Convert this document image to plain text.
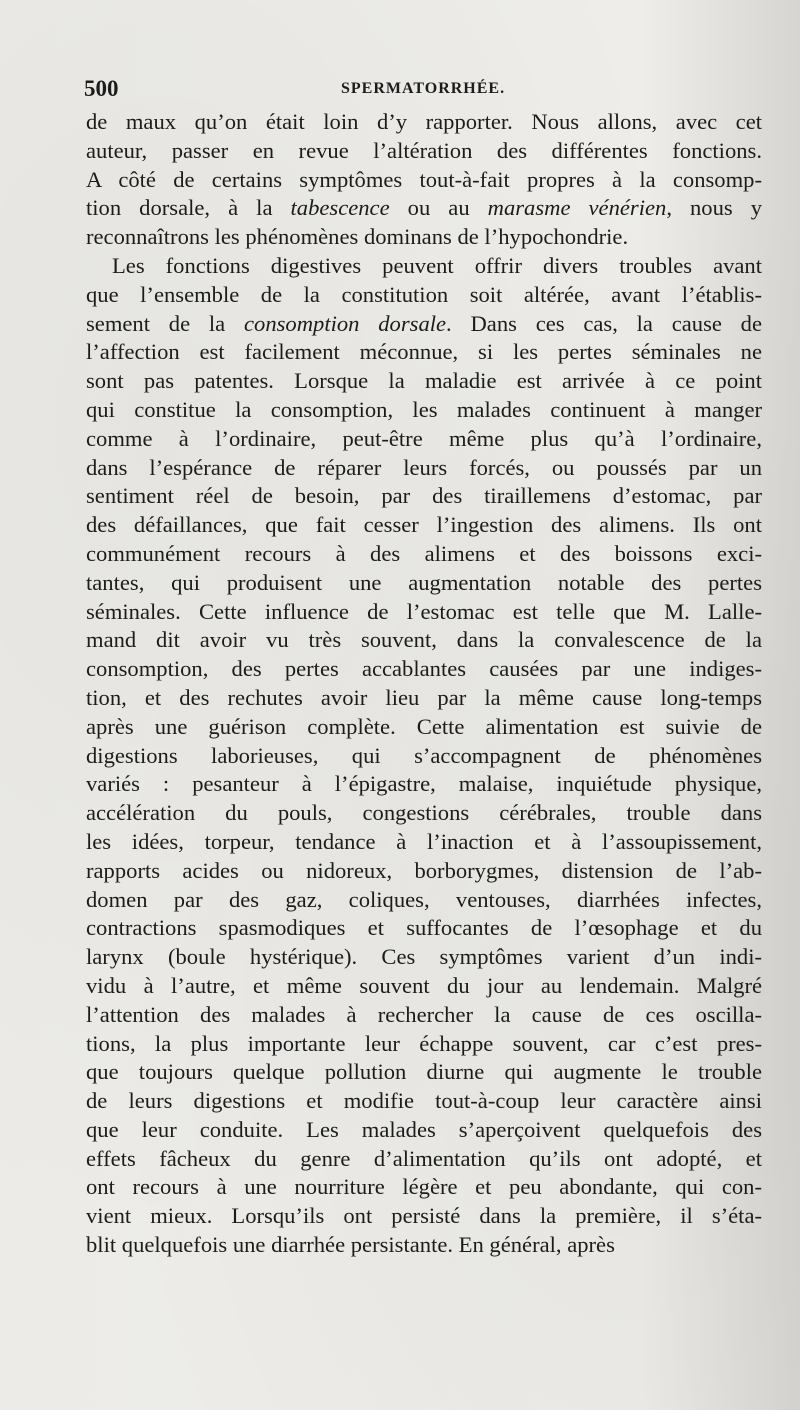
500	SPERMATORRHÉE.
de maux qu’on était loin d’y rapporter. Nous allons, avec cet
auteur, passer en revue l’altération des différentes fonctions.
A côté de certains symptômes tout-à-fait propres à la consomp-
tion dorsale, à la tabescence ou au marasme vénérien, nous y
reconnaîtrons les phénomènes dominans de l’hypochondrie.
Les fonctions digestives peuvent offrir divers troubles avant
que l’ensemble de la constitution soit altérée, avant l’établis-
sement de la consomption dorsale. Dans ces cas, la cause de
l’affection est facilement méconnue, si les pertes séminales ne
sont pas patentes. Lorsque la maladie est arrivée à ce point
qui constitue la consomption, les malades continuent à manger
comme à l’ordinaire, peut-être même plus qu’à l’ordinaire,
dans l’espérance de réparer leurs forcés, ou poussés par un
sentiment réel de besoin, par des tiraillemens d’estomac, par
des défaillances, que fait cesser l’ingestion des alimens. Ils ont
communément recours à des alimens et des boissons exci-
tantes, qui produisent une augmentation notable des pertes
séminales. Cette influence de l’estomac est telle que M. Lalle-
mand dit avoir vu très souvent, dans la convalescence de la
consomption, des pertes accablantes causées par une indiges-
tion, et des rechutes avoir lieu par la même cause long-temps
après une guérison complète. Cette alimentation est suivie de
digestions laborieuses, qui s’accompagnent de phénomènes
variés : pesanteur à l’épigastre, malaise, inquiétude physique,
accélération du pouls, congestions cérébrales, trouble dans
les idées, torpeur, tendance à l’inaction et à l’assoupissement,
rapports acides ou nidoreux, borborygmes, distension de l’ab-
domen par des gaz, coliques, ventouses, diarrhées infectes,
contractions spasmodiques et suffocantes de l’œsophage et du
larynx (boule hystérique). Ces symptômes varient d’un indi-
vidu à l’autre, et même souvent du jour au lendemain. Malgré
l’attention des malades à rechercher la cause de ces oscilla-
tions, la plus importante leur échappe souvent, car c’est pres-
que toujours quelque pollution diurne qui augmente le trouble
de leurs digestions et modifie tout-à-coup leur caractère ainsi
que leur conduite. Les malades s’aperçoivent quelquefois des
effets fâcheux du genre d’alimentation qu’ils ont adopté, et
ont recours à une nourriture légère et peu abondante, qui con-
vient mieux. Lorsqu’ils ont persisté dans la première, il s’éta-
blit quelquefois une diarrhée persistante. En général, après
